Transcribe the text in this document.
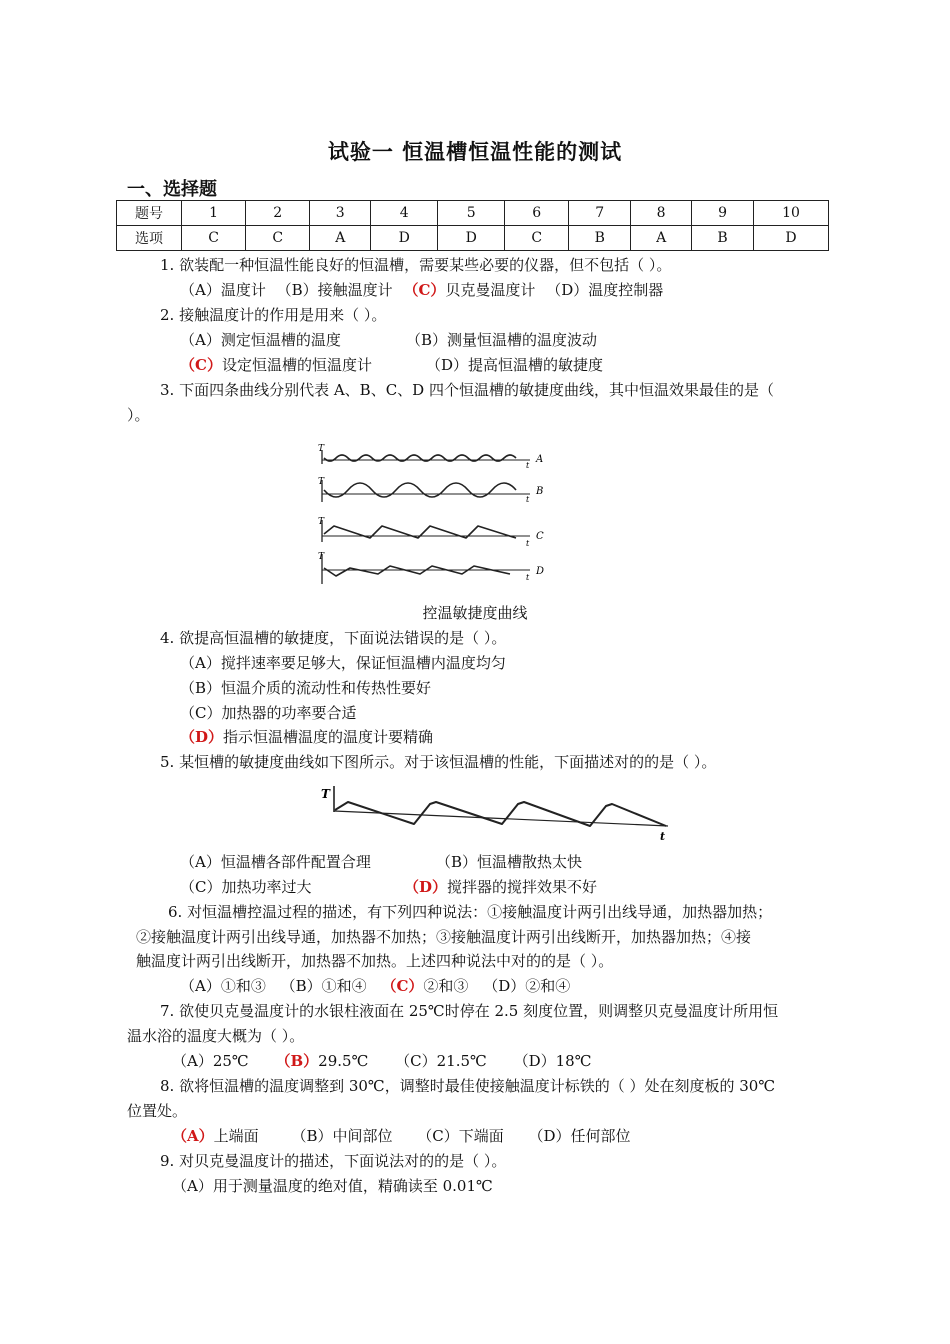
试验一 恒温槽恒温性能的测试
一、选择题
题号	1	2	3	4	5	6	7	8	9	10
选项	C	C	A	D	D	C	B	A	B	D
1. 欲装配一种恒温性能良好的恒温槽，需要某些必要的仪器，但不包括（ ）。
（A）温度计 （B）接触温度计 （C）贝克曼温度计 （D）温度控制器
2. 接触温度计的作用是用来（ ）。
（A）测定恒温槽的温度	（B）测量恒温槽的温度波动
（C）设定恒温槽的恒温度计	（D）提高恒温槽的敏捷度
3. 下面四条曲线分别代表 A、B、C、D 四个恒温槽的敏捷度曲线，其中恒温效果最佳的是（
）。
T
t
A
T
t
B
T
t
C
T
t
D
控温敏捷度曲线
4. 欲提高恒温槽的敏捷度，下面说法错误的是（ ）。
（A）搅拌速率要足够大，保证恒温槽内温度均匀
（B）恒温介质的流动性和传热性要好
（C）加热器的功率要合适
（D）指示恒温槽温度的温度计要精确
5. 某恒槽的敏捷度曲线如下图所示。对于该恒温槽的性能，下面描述对的的是（ ）。
T
t
（A）恒温槽各部件配置合理	（B）恒温槽散热太快
（C）加热功率过大	（D）搅拌器的搅拌效果不好
6. 对恒温槽控温过程的描述，有下列四种说法：①接触温度计两引出线导通，加热器加热；
②接触温度计两引出线导通，加热器不加热；③接触温度计两引出线断开，加热器加热；④接
触温度计两引出线断开，加热器不加热。上述四种说法中对的的是（ ）。
（A）①和③ （B）①和④ （C）②和③ （D）②和④
7. 欲使贝克曼温度计的水银柱液面在 25℃时停在 2.5 刻度位置，则调整贝克曼温度计所用恒
温水浴的温度大概为（ ）。
（A）25℃ （B）29.5℃ （C）21.5℃ （D）18℃
8. 欲将恒温槽的温度调整到 30℃，调整时最佳使接触温度计标铁的（ ）处在刻度板的 30℃
位置处。
（A）上端面 （B）中间部位 （C）下端面 （D）任何部位
9. 对贝克曼温度计的描述，下面说法对的的是（ ）。
（A）用于测量温度的绝对值，精确读至 0.01℃
